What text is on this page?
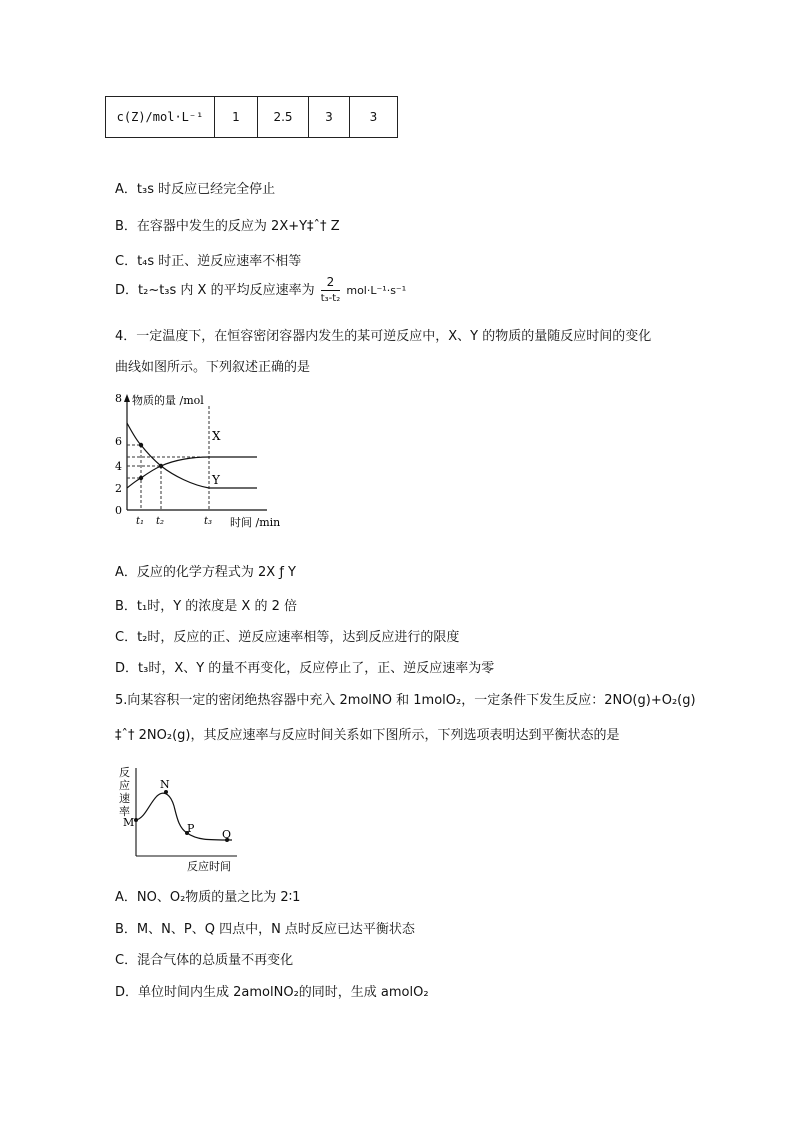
c(Z)/mol·L⁻¹	1	2.5	3	3
A．t₃s 时反应已经完全停止
B．在容器中发生的反应为 2X+Y‡ˆ† Z
C．t₄s 时正、逆反应速率不相等
D．t₂~t₃s 内 X 的平均反应速率为 $\frac{2}{\text{t₃-t₂}} mol\cdot L^{-1}\cdot s^{-1}$
4．一定温度下，在恒容密闭容器内发生的某可逆反应中，X、Y 的物质的量随反应时间的变化
曲线如图所示。下列叙述正确的是
物质的量 /mol
8
6
4
2
0
X
Y
t₁ t₂	t₃ 时间 /min
A．反应的化学方程式为 2X ƒ Y
B．t₁时，Y 的浓度是 X 的 2 倍
C．t₂时，反应的正、逆反应速率相等，达到反应进行的限度
D．t₃时，X、Y 的量不再变化，反应停止了，正、逆反应速率为零
5.向某容积一定的密闭绝热容器中充入 2molNO 和 1molO₂，一定条件下发生反应：2NO(g)+O₂(g)
‡ˆ† 2NO₂(g)，其反应速率与反应时间关系如下图所示，下列选项表明达到平衡状态的是
反
应
速
率
M
N
P	Q
反应时间
A．NO、O₂物质的量之比为 2∶1
B．M、N、P、Q 四点中，N 点时反应已达平衡状态
C．混合气体的总质量不再变化
D．单位时间内生成 2amolNO₂的同时，生成 amolO₂
